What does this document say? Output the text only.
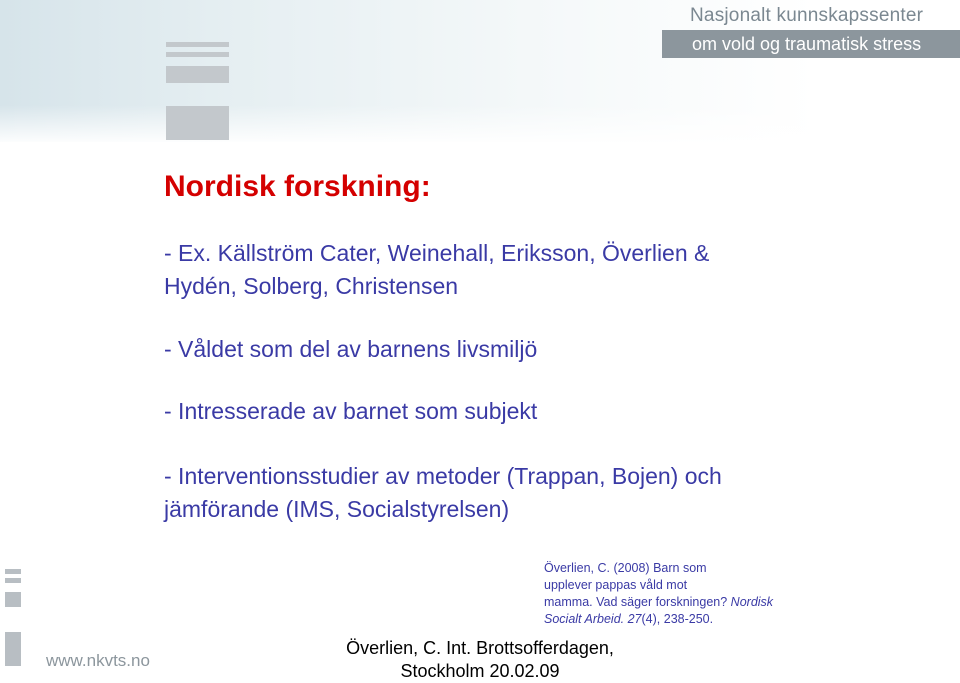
Nasjonalt kunnskapssenter
om vold og traumatisk stress
Nordisk forskning:
- Ex. Källström Cater, Weinehall, Eriksson, Överlien &
Hydén, Solberg, Christensen
- Våldet som del av barnens livsmiljö
- Intresserade av barnet som subjekt
- Interventionsstudier av metoder (Trappan, Bojen) och
jämförande (IMS, Socialstyrelsen)
Överlien, C. (2008) Barn som
upplever pappas våld mot
mamma. Vad säger forskningen? Nordisk
Socialt Arbeid. 27(4), 238-250.
Överlien, C. Int. Brottsofferdagen,
Stockholm 20.02.09
www.nkvts.no
